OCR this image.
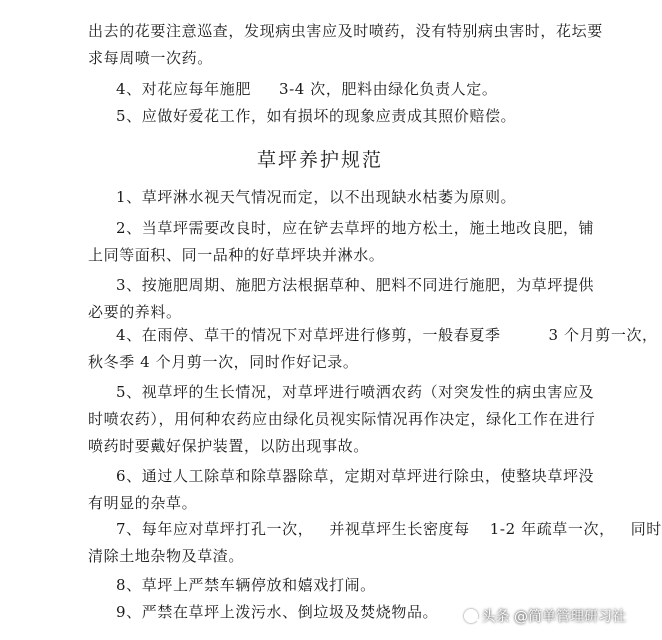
出去的花要注意巡查，发现病虫害应及时喷药，没有特别病虫害时，花坛要
求每周喷一次药。
4、对花应每年施肥 3-4 次，肥料由绿化负责人定。
5、应做好爱花工作，如有损坏的现象应责成其照价赔偿。
草坪养护规范
1、草坪淋水视天气情况而定，以不出现缺水枯萎为原则。
2、当草坪需要改良时，应在铲去草坪的地方松土，施土地改良肥，铺
上同等面积、同一品种的好草坪块并淋水。
3、按施肥周期、施肥方法根据草种、肥料不同进行施肥，为草坪提供
必要的养料。
4、在雨停、草干的情况下对草坪进行修剪，一般春夏季	3 个月剪一次，
秋冬季 4 个月剪一次，同时作好记录。
5、视草坪的生长情况，对草坪进行喷洒农药（对突发性的病虫害应及
时喷农药），用何种农药应由绿化员视实际情况再作决定，绿化工作在进行
喷药时要戴好保护装置，以防出现事故。
6、通过人工除草和除草器除草，定期对草坪进行除虫，使整块草坪没
有明显的杂草。
7、每年应对草坪打孔一次， 并视草坪生长密度每 1-2 年疏草一次， 同时
清除土地杂物及草渣。
8、草坪上严禁车辆停放和嬉戏打闹。
9、严禁在草坪上泼污水、倒垃圾及焚烧物品。	头条 @简单管理研习社
